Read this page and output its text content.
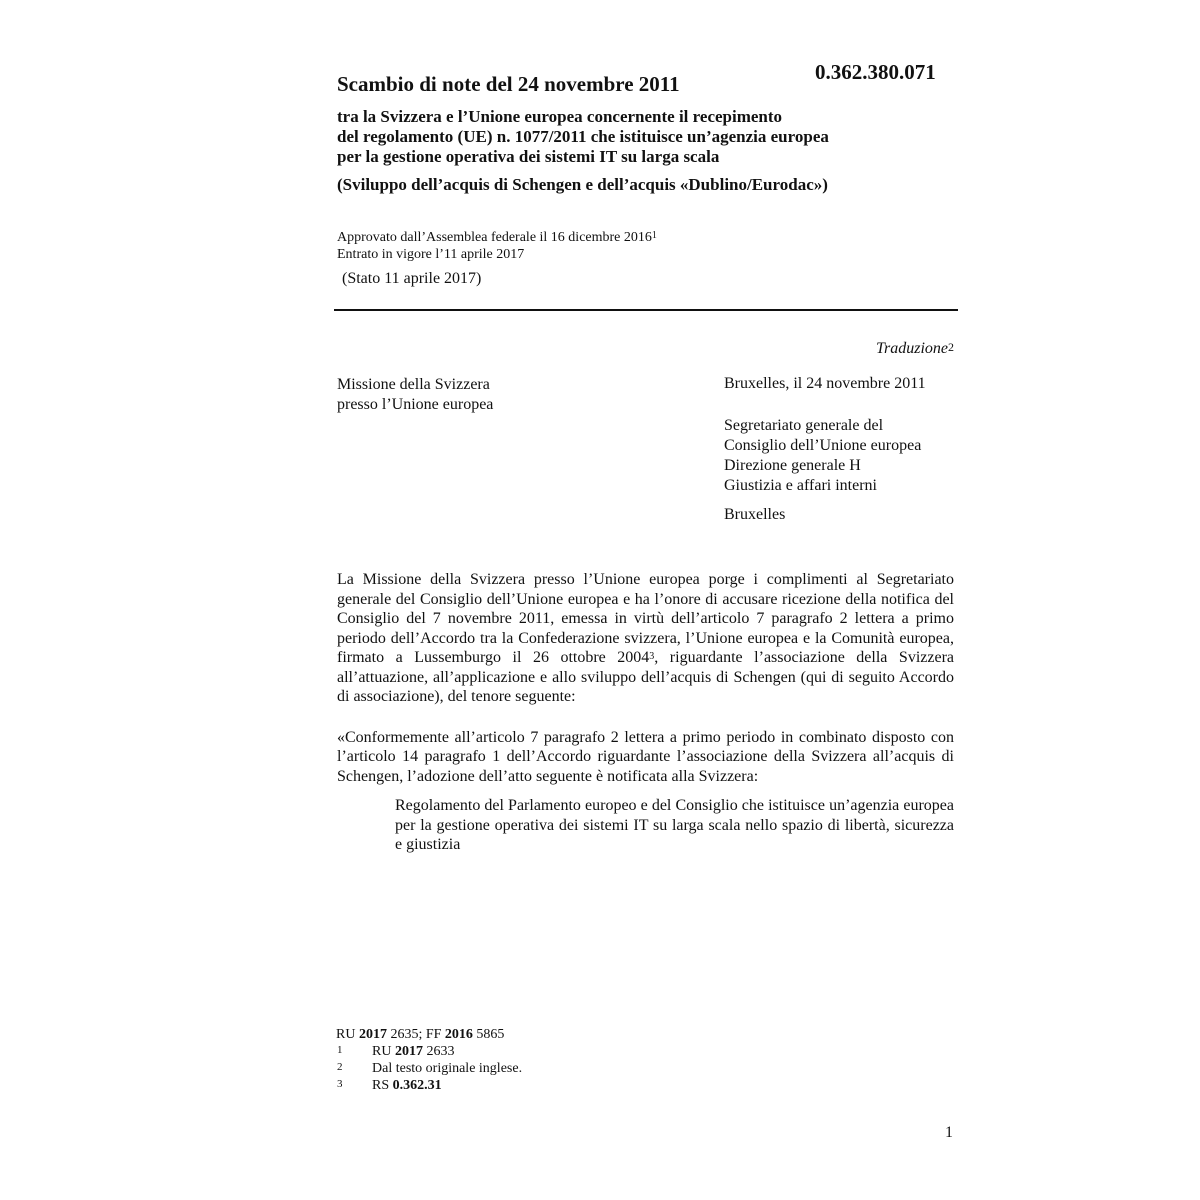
0.362.380.071
Scambio di note del 24 novembre 2011
tra la Svizzera e l’Unione europea concernente il recepimento
del regolamento (UE) n. 1077/2011 che istituisce un’agenzia europea
per la gestione operativa dei sistemi IT su larga scala
(Sviluppo dell’acquis di Schengen e dell’acquis «Dublino/Eurodac»)
Approvato dall’Assemblea federale il 16 dicembre 2016$^1$
Entrato in vigore l’11 aprile 2017
(Stato 11 aprile 2017)
Traduzione$^2$
Missione della Svizzera
presso l’Unione europea
Bruxelles, il 24 novembre 2011
Segretariato generale del
Consiglio dell’Unione europea
Direzione generale H
Giustizia e affari interni
Bruxelles

La Missione della Svizzera presso l’Unione europea porge i complimenti al Segretariato generale del Consiglio dell’Unione europea e ha l’onore di accusare ricezione della notifica del Consiglio del 7 novembre 2011, emessa in virtù dell’articolo 7 paragrafo 2 lettera a primo periodo dell’Accordo tra la Confederazione svizzera, l’Unione europea e la Comunità europea, firmato a Lussemburgo il 26 ottobre 2004$^3$, riguardante l’associazione della Svizzera all’attuazione, all’applicazione e allo sviluppo dell’acquis di Schengen (qui di seguito Accordo di associazione), del tenore seguente:

«Conformemente all’articolo 7 paragrafo 2 lettera a primo periodo in combinato disposto con l’articolo 14 paragrafo 1 dell’Accordo riguardante l’associazione della Svizzera all’acquis di Schengen, l’adozione dell’atto seguente è notificata alla Svizzera:

Regolamento del Parlamento europeo e del Consiglio che istituisce un’agenzia europea per la gestione operativa dei sistemi IT su larga scala nello spazio di libertà, sicurezza e giustizia

RU 2017 2635; FF 2016 5865
1	RU 2017 2633
2	Dal testo originale inglese.
3	RS 0.362.31
1
